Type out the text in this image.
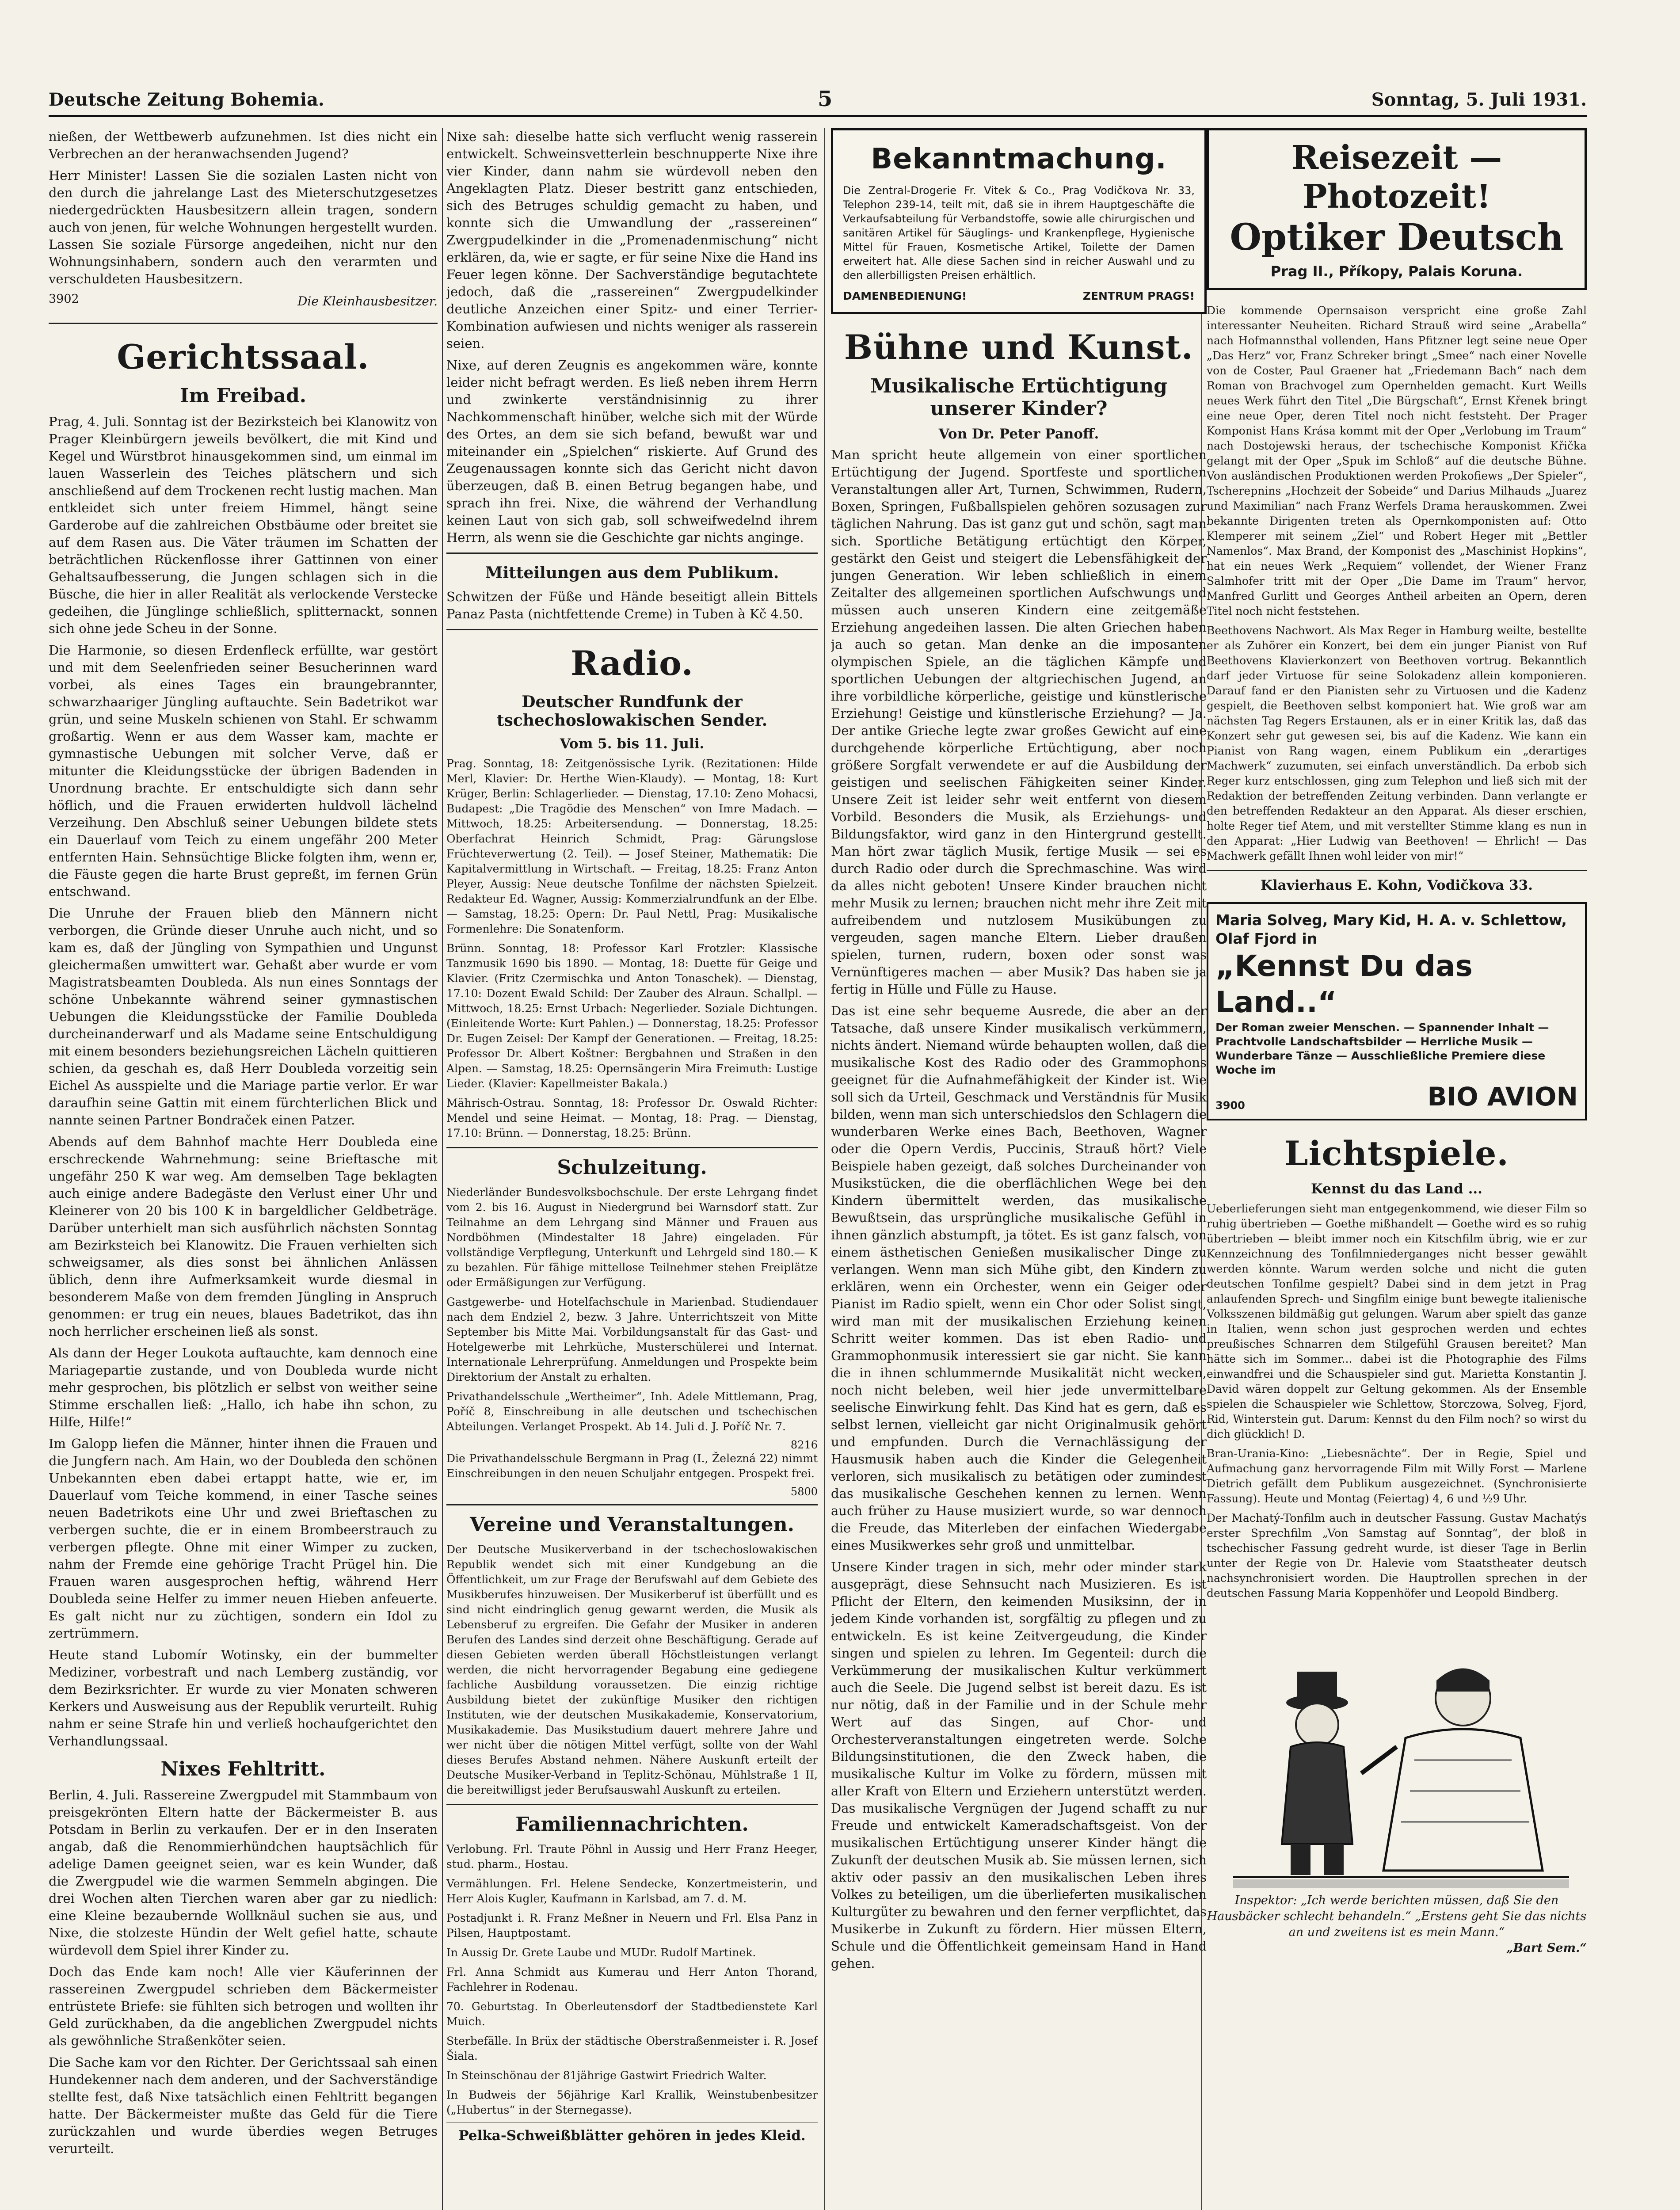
Deutsche Zeitung Bohemia.	5	Sonntag, 5. Juli 1931.

nießen, der Wettbewerb aufzunehmen. Ist dies nicht ein Verbrechen an der heranwachsenden Jugend?

Herr Minister! Lassen Sie die sozialen Lasten nicht von den durch die jahrelange Last des Mieterschutzgesetzes niedergedrückten Hausbesitzern allein tragen, sondern auch von jenen, für welche Wohnungen hergestellt wurden. Lassen Sie soziale Fürsorge angedeihen, nicht nur den Wohnungsinhabern, sondern auch den verarmten und verschuldeten Hausbesitzern.

3902	Die Kleinhausbesitzer.
Gerichtssaal.
Im Freibad.

Prag, 4. Juli. Sonntag ist der Bezirksteich bei Klanowitz von Prager Kleinbürgern jeweils bevölkert, die mit Kind und Kegel und Würstbrot hinausgekommen sind, um einmal im lauen Wasserlein des Teiches plätschern und sich anschließend auf dem Trockenen recht lustig machen. Man entkleidet sich unter freiem Himmel, hängt seine Garderobe auf die zahlreichen Obstbäume oder breitet sie auf dem Rasen aus. Die Väter träumen im Schatten der beträchtlichen Rückenflosse ihrer Gattinnen von einer Gehaltsaufbesserung, die Jungen schlagen sich in die Büsche, die hier in aller Realität als verlockende Verstecke gedeihen, die Jünglinge schließlich, splitternackt, sonnen sich ohne jede Scheu in der Sonne.

Die Harmonie, so diesen Erdenfleck erfüllte, war gestört und mit dem Seelenfrieden seiner Besucherinnen ward vorbei, als eines Tages ein braungebrannter, schwarzhaariger Jüngling auftauchte. Sein Badetrikot war grün, und seine Muskeln schienen von Stahl. Er schwamm großartig. Wenn er aus dem Wasser kam, machte er gymnastische Uebungen mit solcher Verve, daß er mitunter die Kleidungsstücke der übrigen Badenden in Unordnung brachte. Er entschuldigte sich dann sehr höflich, und die Frauen erwiderten huldvoll lächelnd Verzeihung. Den Abschluß seiner Uebungen bildete stets ein Dauerlauf vom Teich zu einem ungefähr 200 Meter entfernten Hain. Sehnsüchtige Blicke folgten ihm, wenn er, die Fäuste gegen die harte Brust gepreßt, im fernen Grün entschwand.

Die Unruhe der Frauen blieb den Männern nicht verborgen, die Gründe dieser Unruhe auch nicht, und so kam es, daß der Jüngling von Sympathien und Ungunst gleichermaßen umwittert war. Gehaßt aber wurde er vom Magistratsbeamten Doubleda. Als nun eines Sonntags der schöne Unbekannte während seiner gymnastischen Uebungen die Kleidungsstücke der Familie Doubleda durcheinanderwarf und als Madame seine Entschuldigung mit einem besonders beziehungsreichen Lächeln quittieren schien, da geschah es, daß Herr Doubleda vorzeitig sein Eichel As ausspielte und die Mariage partie verlor. Er war daraufhin seine Gattin mit einem fürchterlichen Blick und nannte seinen Partner Bondraček einen Patzer.

Abends auf dem Bahnhof machte Herr Doubleda eine erschreckende Wahrnehmung: seine Brieftasche mit ungefähr 250 K war weg. Am demselben Tage beklagten auch einige andere Badegäste den Verlust einer Uhr und Kleinerer von 20 bis 100 K in bargeldlicher Geldbeträge. Darüber unterhielt man sich ausführlich nächsten Sonntag am Bezirksteich bei Klanowitz. Die Frauen verhielten sich schweigsamer, als dies sonst bei ähnlichen Anlässen üblich, denn ihre Aufmerksamkeit wurde diesmal in besonderem Maße von dem fremden Jüngling in Anspruch genommen: er trug ein neues, blaues Badetrikot, das ihn noch herrlicher erscheinen ließ als sonst.

Als dann der Heger Loukota auftauchte, kam dennoch eine Mariagepartie zustande, und von Doubleda wurde nicht mehr gesprochen, bis plötzlich er selbst von weither seine Stimme erschallen ließ: „Hallo, ich habe ihn schon, zu Hilfe, Hilfe!“

Im Galopp liefen die Männer, hinter ihnen die Frauen und die Jungfern nach. Am Hain, wo der Doubleda den schönen Unbekannten eben dabei ertappt hatte, wie er, im Dauerlauf vom Teiche kommend, in einer Tasche seines neuen Badetrikots eine Uhr und zwei Brieftaschen zu verbergen suchte, die er in einem Brombeerstrauch zu verbergen pflegte. Ohne mit einer Wimper zu zucken, nahm der Fremde eine gehörige Tracht Prügel hin. Die Frauen waren ausgesprochen heftig, während Herr Doubleda seine Helfer zu immer neuen Hieben anfeuerte. Es galt nicht nur zu züchtigen, sondern ein Idol zu zertrümmern.

Heute stand Lubomír Wotinsky, ein der bummelter Mediziner, vorbestraft und nach Lemberg zuständig, vor dem Bezirksrichter. Er wurde zu vier Monaten schweren Kerkers und Ausweisung aus der Republik verurteilt. Ruhig nahm er seine Strafe hin und verließ hochaufgerichtet den Verhandlungssaal.

Nixes Fehltritt.

Berlin, 4. Juli. Rassereine Zwergpudel mit Stammbaum von preisgekrönten Eltern hatte der Bäckermeister B. aus Potsdam in Berlin zu verkaufen. Der er in den Inseraten angab, daß die Renommierhündchen hauptsächlich für adelige Damen geeignet seien, war es kein Wunder, daß die Zwergpudel wie die warmen Semmeln abgingen. Die drei Wochen alten Tierchen waren aber gar zu niedlich: eine Kleine bezaubernde Wollknäul suchen sie aus, und Nixe, die stolzeste Hündin der Welt gefiel hatte, schaute würdevoll dem Spiel ihrer Kinder zu.

Doch das Ende kam noch! Alle vier Käuferinnen der rassereinen Zwergpudel schrieben dem Bäckermeister entrüstete Briefe: sie fühlten sich betrogen und wollten ihr Geld zurückhaben, da die angeblichen Zwergpudel nichts als gewöhnliche Straßenköter seien.

Die Sache kam vor den Richter. Der Gerichtssaal sah einen Hundekenner nach dem anderen, und der Sachverständige stellte fest, daß Nixe tatsächlich einen Fehltritt begangen hatte. Der Bäckermeister mußte das Geld für die Tiere zurückzahlen und wurde überdies wegen Betruges verurteilt.

Nixe sah: dieselbe hatte sich verflucht wenig rasserein entwickelt. Schweinsvetterlein beschnupperte Nixe ihre vier Kinder, dann nahm sie würdevoll neben den Angeklagten Platz. Dieser bestritt ganz entschieden, sich des Betruges schuldig gemacht zu haben, und konnte sich die Umwandlung der „rassereinen“ Zwergpudelkinder in die „Promenadenmischung“ nicht erklären, da, wie er sagte, er für seine Nixe die Hand ins Feuer legen könne. Der Sachverständige begutachtete jedoch, daß die „rassereinen“ Zwergpudelkinder deutliche Anzeichen einer Spitz- und einer Terrier-Kombination aufwiesen und nichts weniger als rasserein seien.

Nixe, auf deren Zeugnis es angekommen wäre, konnte leider nicht befragt werden. Es ließ neben ihrem Herrn und zwinkerte verständnisinnig zu ihrer Nachkommenschaft hinüber, welche sich mit der Würde des Ortes, an dem sie sich befand, bewußt war und miteinander ein „Spielchen“ riskierte. Auf Grund des Zeugenaussagen konnte sich das Gericht nicht davon überzeugen, daß B. einen Betrug begangen habe, und sprach ihn frei. Nixe, die während der Verhandlung keinen Laut von sich gab, soll schweifwedelnd ihrem Herrn, als wenn sie die Geschichte gar nichts anginge.

Mitteilungen aus dem Publikum.

Schwitzen der Füße und Hände beseitigt allein Bittels Panaz Pasta (nichtfettende Creme) in Tuben à Kč 4.50.

Radio.
Deutscher Rundfunk der tschechoslowakischen Sender.
Vom 5. bis 11. Juli.

Prag. Sonntag, 18: Zeitgenössische Lyrik. (Rezitationen: Hilde Merl, Klavier: Dr. Herthe Wien-Klaudy). — Montag, 18: Kurt Krüger, Berlin: Schlagerlieder. — Dienstag, 17.10: Zeno Mohacsi, Budapest: „Die Tragödie des Menschen“ von Imre Madach. — Mittwoch, 18.25: Arbeitersendung. — Donnerstag, 18.25: Oberfachrat Heinrich Schmidt, Prag: Gärungslose Früchteverwertung (2. Teil). — Josef Steiner, Mathematik: Die Kapitalvermittlung in Wirtschaft. — Freitag, 18.25: Franz Anton Pleyer, Aussig: Neue deutsche Tonfilme der nächsten Spielzeit. Redakteur Ed. Wagner, Aussig: Kommerzialrundfunk an der Elbe. — Samstag, 18.25: Opern: Dr. Paul Nettl, Prag: Musikalische Formenlehre: Die Sonatenform.

Brünn. Sonntag, 18: Professor Karl Frotzler: Klassische Tanzmusik 1690 bis 1890. — Montag, 18: Duette für Geige und Klavier. (Fritz Czermischka und Anton Tonaschek). — Dienstag, 17.10: Dozent Ewald Schild: Der Zauber des Alraun. Schallpl. — Mittwoch, 18.25: Ernst Urbach: Negerlieder. Soziale Dichtungen. (Einleitende Worte: Kurt Pahlen.) — Donnerstag, 18.25: Professor Dr. Eugen Zeisel: Der Kampf der Generationen. — Freitag, 18.25: Professor Dr. Albert Koštner: Bergbahnen und Straßen in den Alpen. — Samstag, 18.25: Opernsängerin Mira Freimuth: Lustige Lieder. (Klavier: Kapellmeister Bakala.)

Mährisch-Ostrau. Sonntag, 18: Professor Dr. Oswald Richter: Mendel und seine Heimat. — Montag, 18: Prag. — Dienstag, 17.10: Brünn. — Donnerstag, 18.25: Brünn.

Schulzeitung.

Niederländer Bundesvolksbochschule. Der erste Lehrgang findet vom 2. bis 16. August in Niedergrund bei Warnsdorf statt. Zur Teilnahme an dem Lehrgang sind Männer und Frauen aus Nordböhmen (Mindestalter 18 Jahre) eingeladen. Für vollständige Verpflegung, Unterkunft und Lehrgeld sind 180.— K zu bezahlen. Für fähige mittellose Teilnehmer stehen Freiplätze oder Ermäßigungen zur Verfügung.

Gastgewerbe- und Hotelfachschule in Marienbad. Studiendauer nach dem Endziel 2, bezw. 3 Jahre. Unterrichtszeit von Mitte September bis Mitte Mai. Vorbildungsanstalt für das Gast- und Hotelgewerbe mit Lehrküche, Musterschülerei und Internat. Internationale Lehrerprüfung. Anmeldungen und Prospekte beim Direktorium der Anstalt zu erhalten.

Privathandelsschule „Wertheimer“, Inh. Adele Mittlemann, Prag, Poříč 8, Einschreibung in alle deutschen und tschechischen Abteilungen. Verlanget Prospekt. Ab 14. Juli d. J. Poříč Nr. 7.

8216

Die Privathandelsschule Bergmann in Prag (I., Železná 22) nimmt Einschreibungen in den neuen Schuljahr entgegen. Prospekt frei.

5800
Vereine und Veranstaltungen.

Der Deutsche Musikerverband in der tschechoslowakischen Republik wendet sich mit einer Kundgebung an die Öffentlichkeit, um zur Frage der Berufswahl auf dem Gebiete des Musikberufes hinzuweisen. Der Musikerberuf ist überfüllt und es sind nicht eindringlich genug gewarnt werden, die Musik als Lebensberuf zu ergreifen. Die Gefahr der Musiker in anderen Berufen des Landes sind derzeit ohne Beschäftigung. Gerade auf diesen Gebieten werden überall Höchstleistungen verlangt werden, die nicht hervorragender Begabung eine gediegene fachliche Ausbildung voraussetzen. Die einzig richtige Ausbildung bietet der zukünftige Musiker den richtigen Instituten, wie der deutschen Musikakademie, Konservatorium, Musikakademie. Das Musikstudium dauert mehrere Jahre und wer nicht über die nötigen Mittel verfügt, sollte von der Wahl dieses Berufes Abstand nehmen. Nähere Auskunft erteilt der Deutsche Musiker-Verband in Teplitz-Schönau, Mühlstraße 1 II, die bereitwilligst jeder Berufsauswahl Auskunft zu erteilen.

Familiennachrichten.

Verlobung. Frl. Traute Pöhnl in Aussig und Herr Franz Heeger, stud. pharm., Hostau.

Vermählungen. Frl. Helene Sendecke, Konzertmeisterin, und Herr Alois Kugler, Kaufmann in Karlsbad, am 7. d. M.

Postadjunkt i. R. Franz Meßner in Neuern und Frl. Elsa Panz in Pilsen, Hauptpostamt.

In Aussig Dr. Grete Laube und MUDr. Rudolf Martinek.

Frl. Anna Schmidt aus Kumerau und Herr Anton Thorand, Fachlehrer in Rodenau.

70. Geburtstag. In Oberleutensdorf der Stadtbedienstete Karl Muich.

Sterbefälle. In Brüx der städtische Oberstraßenmeister i. R. Josef Šiala.

In Steinschönau der 81jährige Gastwirt Friedrich Walter.

In Budweis der 56jährige Karl Krallik, Weinstubenbesitzer („Hubertus“ in der Sternegasse).

Pelka-Schweißblätter gehören in jedes Kleid.
Bekanntmachung.
Die Zentral-Drogerie Fr. Vitek & Co., Prag Vodičkova Nr. 33, Telephon 239-14, teilt mit, daß sie in ihrem Hauptgeschäfte die Verkaufsabteilung für Verbandstoffe, sowie alle chirurgischen und sanitären Artikel für Säuglings- und Krankenpflege, Hygienische Mittel für Frauen, Kosmetische Artikel, Toilette der Damen erweitert hat. Alle diese Sachen sind in reicher Auswahl und zu den allerbilligsten Preisen erhältlich.
DAMENBEDIENUNG!	ZENTRUM PRAGS!
Bühne und Kunst.
Musikalische Ertüchtigung unserer Kinder?
Von Dr. Peter Panoff.

Man spricht heute allgemein von einer sportlichen Ertüchtigung der Jugend. Sportfeste und sportlichen Veranstaltungen aller Art, Turnen, Schwimmen, Rudern, Boxen, Springen, Fußballspielen gehören sozusagen zur täglichen Nahrung. Das ist ganz gut und schön, sagt man sich. Sportliche Betätigung ertüchtigt den Körper, gestärkt den Geist und steigert die Lebensfähigkeit der jungen Generation. Wir leben schließlich in einem Zeitalter des allgemeinen sportlichen Aufschwungs und müssen auch unseren Kindern eine zeitgemäße Erziehung angedeihen lassen. Die alten Griechen haben ja auch so getan. Man denke an die imposanten olympischen Spiele, an die täglichen Kämpfe und sportlichen Uebungen der altgriechischen Jugend, an ihre vorbildliche körperliche, geistige und künstlerische Erziehung! Geistige und künstlerische Erziehung? — Ja. Der antike Grieche legte zwar großes Gewicht auf eine durchgehende körperliche Ertüchtigung, aber noch größere Sorgfalt verwendete er auf die Ausbildung der geistigen und seelischen Fähigkeiten seiner Kinder. Unsere Zeit ist leider sehr weit entfernt von diesem Vorbild. Besonders die Musik, als Erziehungs- und Bildungsfaktor, wird ganz in den Hintergrund gestellt. Man hört zwar täglich Musik, fertige Musik — sei es durch Radio oder durch die Sprechmaschine. Was wird da alles nicht geboten! Unsere Kinder brauchen nicht mehr Musik zu lernen; brauchen nicht mehr ihre Zeit mit aufreibendem und nutzlosem Musikübungen zu vergeuden, sagen manche Eltern. Lieber draußen spielen, turnen, rudern, boxen oder sonst was Vernünftigeres machen — aber Musik? Das haben sie ja fertig in Hülle und Fülle zu Hause.

Das ist eine sehr bequeme Ausrede, die aber an der Tatsache, daß unsere Kinder musikalisch verkümmern, nichts ändert. Niemand würde behaupten wollen, daß die musikalische Kost des Radio oder des Grammophons geeignet für die Aufnahmefähigkeit der Kinder ist. Wie soll sich da Urteil, Geschmack und Verständnis für Musik bilden, wenn man sich unterschiedslos den Schlagern die wunderbaren Werke eines Bach, Beethoven, Wagner oder die Opern Verdis, Puccinis, Strauß hört? Viele Beispiele haben gezeigt, daß solches Durcheinander von Musikstücken, die die oberflächlichen Wege bei den Kindern übermittelt werden, das musikalische Bewußtsein, das ursprüngliche musikalische Gefühl in ihnen gänzlich abstumpft, ja tötet. Es ist ganz falsch, von einem ästhetischen Genießen musikalischer Dinge zu verlangen. Wenn man sich Mühe gibt, den Kindern zu erklären, wenn ein Orchester, wenn ein Geiger oder Pianist im Radio spielt, wenn ein Chor oder Solist singt, wird man mit der musikalischen Erziehung keinen Schritt weiter kommen. Das ist eben Radio- und Grammophonmusik interessiert sie gar nicht. Sie kann die in ihnen schlummernde Musikalität nicht wecken, noch nicht beleben, weil hier jede unvermittelbare seelische Einwirkung fehlt. Das Kind hat es gern, daß es selbst lernen, vielleicht gar nicht Originalmusik gehört und empfunden. Durch die Vernachlässigung der Hausmusik haben auch die Kinder die Gelegenheit verloren, sich musikalisch zu betätigen oder zumindest das musikalische Geschehen kennen zu lernen. Wenn auch früher zu Hause musiziert wurde, so war dennoch die Freude, das Miterleben der einfachen Wiedergabe eines Musikwerkes sehr groß und unmittelbar.

Unsere Kinder tragen in sich, mehr oder minder stark ausgeprägt, diese Sehnsucht nach Musizieren. Es ist Pflicht der Eltern, den keimenden Musiksinn, der in jedem Kinde vorhanden ist, sorgfältig zu pflegen und zu entwickeln. Es ist keine Zeitvergeudung, die Kinder singen und spielen zu lehren. Im Gegenteil: durch die Verkümmerung der musikalischen Kultur verkümmert auch die Seele. Die Jugend selbst ist bereit dazu. Es ist nur nötig, daß in der Familie und in der Schule mehr Wert auf das Singen, auf Chor- und Orchesterveranstaltungen eingetreten werde. Solche Bildungsinstitutionen, die den Zweck haben, die musikalische Kultur im Volke zu fördern, müssen mit aller Kraft von Eltern und Erziehern unterstützt werden. Das musikalische Vergnügen der Jugend schafft zu nur Freude und entwickelt Kameradschaftsgeist. Von der musikalischen Ertüchtigung unserer Kinder hängt die Zukunft der deutschen Musik ab. Sie müssen lernen, sich aktiv oder passiv an den musikalischen Leben ihres Volkes zu beteiligen, um die überlieferten musikalischen Kulturgüter zu bewahren und den ferner verpflichtet, das Musikerbe in Zukunft zu fördern. Hier müssen Eltern, Schule und die Öffentlichkeit gemeinsam Hand in Hand gehen.

Reisezeit — Photozeit!
Optiker Deutsch
Prag II., Příkopy, Palais Koruna.

Die kommende Opernsaison verspricht eine große Zahl interessanter Neuheiten. Richard Strauß wird seine „Arabella“ nach Hofmannsthal vollenden, Hans Pfitzner legt seine neue Oper „Das Herz“ vor, Franz Schreker bringt „Smee“ nach einer Novelle von de Coster, Paul Graener hat „Friedemann Bach“ nach dem Roman von Brachvogel zum Opernhelden gemacht. Kurt Weills neues Werk führt den Titel „Die Bürgschaft“, Ernst Křenek bringt eine neue Oper, deren Titel noch nicht feststeht. Der Prager Komponist Hans Krása kommt mit der Oper „Verlobung im Traum“ nach Dostojewski heraus, der tschechische Komponist Křička gelangt mit der Oper „Spuk im Schloß“ auf die deutsche Bühne. Von ausländischen Produktionen werden Prokofiews „Der Spieler“, Tscherepnins „Hochzeit der Sobeide“ und Darius Milhauds „Juarez und Maximilian“ nach Franz Werfels Drama herauskommen. Zwei bekannte Dirigenten treten als Opernkomponisten auf: Otto Klemperer mit seinem „Ziel“ und Robert Heger mit „Bettler Namenlos“. Max Brand, der Komponist des „Maschinist Hopkins“, hat ein neues Werk „Requiem“ vollendet, der Wiener Franz Salmhofer tritt mit der Oper „Die Dame im Traum“ hervor, Manfred Gurlitt und Georges Antheil arbeiten an Opern, deren Titel noch nicht feststehen.

Beethovens Nachwort. Als Max Reger in Hamburg weilte, bestellte er als Zuhörer ein Konzert, bei dem ein junger Pianist von Ruf Beethovens Klavierkonzert von Beethoven vortrug. Bekanntlich darf jeder Virtuose für seine Solokadenz allein komponieren. Darauf fand er den Pianisten sehr zu Virtuosen und die Kadenz gespielt, die Beethoven selbst komponiert hat. Wie groß war am nächsten Tag Regers Erstaunen, als er in einer Kritik las, daß das Konzert sehr gut gewesen sei, bis auf die Kadenz. Wie kann ein Pianist von Rang wagen, einem Publikum ein „derartiges Machwerk“ zuzumuten, sei einfach unverständlich. Da erbob sich Reger kurz entschlossen, ging zum Telephon und ließ sich mit der Redaktion der betreffenden Zeitung verbinden. Dann verlangte er den betreffenden Redakteur an den Apparat. Als dieser erschien, holte Reger tief Atem, und mit verstellter Stimme klang es nun in den Apparat: „Hier Ludwig van Beethoven! — Ehrlich! — Das Machwerk gefällt Ihnen wohl leider von mir!“

Klavierhaus E. Kohn, Vodičkova 33.
Maria Solveg, Mary Kid, H. A. v. Schlettow, Olaf Fjord in
„Kennst Du das Land..“
Der Roman zweier Menschen. — Spannender Inhalt — Prachtvolle Landschaftsbilder — Herrliche Musik — Wunderbare Tänze — Ausschließliche Premiere diese Woche im
3900	BIO AVION
Lichtspiele.
Kennst du das Land ...

Ueberlieferungen sieht man entgegenkommend, wie dieser Film so ruhig übertrieben — Goethe mißhandelt — Goethe wird es so ruhig übertrieben — bleibt immer noch ein Kitschfilm übrig, wie er zur Kennzeichnung des Tonfilmniederganges nicht besser gewählt werden könnte. Warum werden solche und nicht die guten deutschen Tonfilme gespielt? Dabei sind in dem jetzt in Prag anlaufenden Sprech- und Singfilm einige bunt bewegte italienische Volksszenen bildmäßig gut gelungen. Warum aber spielt das ganze in Italien, wenn schon just gesprochen werden und echtes preußisches Schnarren dem Stilgefühl Grausen bereitet? Man hätte sich im Sommer... dabei ist die Photographie des Films einwandfrei und die Schauspieler sind gut. Marietta Konstantin J. David wären doppelt zur Geltung gekommen. Als der Ensemble spielen die Schauspieler wie Schlettow, Storczowa, Solveg, Fjord, Rid, Winterstein gut. Darum: Kennst du den Film noch? so wirst du dich glücklich! D.

Bran-Urania-Kino: „Liebesnächte“. Der in Regie, Spiel und Aufmachung ganz hervorragende Film mit Willy Forst — Marlene Dietrich gefällt dem Publikum ausgezeichnet. (Synchronisierte Fassung). Heute und Montag (Feiertag) 4, 6 und ½9 Uhr.

Der Machatý-Tonfilm auch in deutscher Fassung. Gustav Machatýs erster Sprechfilm „Von Samstag auf Sonntag“, der bloß in tschechischer Fassung gedreht wurde, ist dieser Tage in Berlin unter der Regie von Dr. Halevie vom Staatstheater deutsch nachsynchronisiert worden. Die Hauptrollen sprechen in der deutschen Fassung Maria Koppenhöfer und Leopold Bindberg.

Inspektor: „Ich werde berichten müssen, daß Sie den Hausbäcker schlecht behandeln.“ „Erstens geht Sie das nichts an und zweitens ist es mein Mann.“
„Bart Sem.“
